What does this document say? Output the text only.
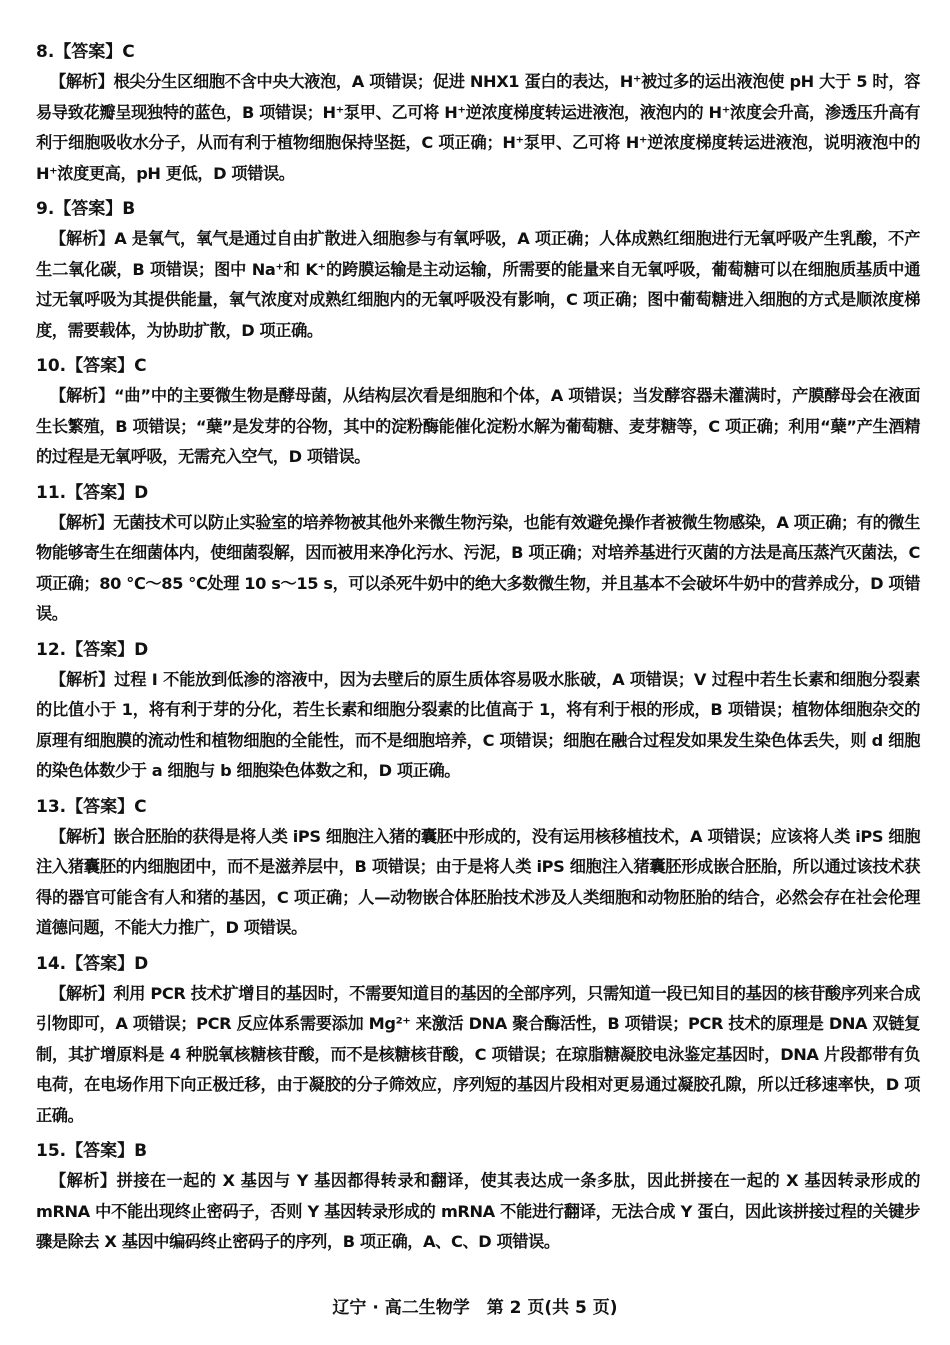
8.【答案】C

【解析】根尖分生区细胞不含中央大液泡，A 项错误；促进 NHX1 蛋白的表达，H⁺被过多的运出液泡使 pH 大于 5 时，容易导致花瓣呈现独特的蓝色，B 项错误；H⁺泵甲、乙可将 H⁺逆浓度梯度转运进液泡，液泡内的 H⁺浓度会升高，渗透压升高有利于细胞吸收水分子，从而有利于植物细胞保持坚挺，C 项正确；H⁺泵甲、乙可将 H⁺逆浓度梯度转运进液泡，说明液泡中的 H⁺浓度更高，pH 更低，D 项错误。

9.【答案】B

【解析】A 是氧气，氧气是通过自由扩散进入细胞参与有氧呼吸，A 项正确；人体成熟红细胞进行无氧呼吸产生乳酸，不产生二氧化碳，B 项错误；图中 Na⁺和 K⁺的跨膜运输是主动运输，所需要的能量来自无氧呼吸，葡萄糖可以在细胞质基质中通过无氧呼吸为其提供能量，氧气浓度对成熟红细胞内的无氧呼吸没有影响，C 项正确；图中葡萄糖进入细胞的方式是顺浓度梯度，需要载体，为协助扩散，D 项正确。

10.【答案】C

【解析】“曲”中的主要微生物是酵母菌，从结构层次看是细胞和个体，A 项错误；当发酵容器未灌满时，产膜酵母会在液面生长繁殖，B 项错误；“蘖”是发芽的谷物，其中的淀粉酶能催化淀粉水解为葡萄糖、麦芽糖等，C 项正确；利用“蘖”产生酒精的过程是无氧呼吸，无需充入空气，D 项错误。

11.【答案】D

【解析】无菌技术可以防止实验室的培养物被其他外来微生物污染，也能有效避免操作者被微生物感染，A 项正确；有的微生物能够寄生在细菌体内，使细菌裂解，因而被用来净化污水、污泥，B 项正确；对培养基进行灭菌的方法是高压蒸汽灭菌法，C 项正确；80 ℃～85 ℃处理 10 s～15 s，可以杀死牛奶中的绝大多数微生物，并且基本不会破坏牛奶中的营养成分，D 项错误。

12.【答案】D

【解析】过程 Ⅰ 不能放到低渗的溶液中，因为去壁后的原生质体容易吸水胀破，A 项错误；Ⅴ 过程中若生长素和细胞分裂素的比值小于 1，将有利于芽的分化，若生长素和细胞分裂素的比值高于 1，将有利于根的形成，B 项错误；植物体细胞杂交的原理有细胞膜的流动性和植物细胞的全能性，而不是细胞培养，C 项错误；细胞在融合过程发如果发生染色体丢失，则 d 细胞的染色体数少于 a 细胞与 b 细胞染色体数之和，D 项正确。

13.【答案】C

【解析】嵌合胚胎的获得是将人类 iPS 细胞注入猪的囊胚中形成的，没有运用核移植技术，A 项错误；应该将人类 iPS 细胞注入猪囊胚的内细胞团中，而不是滋养层中，B 项错误；由于是将人类 iPS 细胞注入猪囊胚形成嵌合胚胎，所以通过该技术获得的器官可能含有人和猪的基因，C 项正确；人—动物嵌合体胚胎技术涉及人类细胞和动物胚胎的结合，必然会存在社会伦理道德问题，不能大力推广，D 项错误。

14.【答案】D

【解析】利用 PCR 技术扩增目的基因时，不需要知道目的基因的全部序列，只需知道一段已知目的基因的核苷酸序列来合成引物即可，A 项错误；PCR 反应体系需要添加 Mg²⁺ 来激活 DNA 聚合酶活性，B 项错误；PCR 技术的原理是 DNA 双链复制，其扩增原料是 4 种脱氧核糖核苷酸，而不是核糖核苷酸，C 项错误；在琼脂糖凝胶电泳鉴定基因时，DNA 片段都带有负电荷，在电场作用下向正极迁移，由于凝胶的分子筛效应，序列短的基因片段相对更易通过凝胶孔隙，所以迁移速率快，D 项正确。

15.【答案】B

【解析】拼接在一起的 X 基因与 Y 基因都得转录和翻译，使其表达成一条多肽，因此拼接在一起的 X 基因转录形成的 mRNA 中不能出现终止密码子，否则 Y 基因转录形成的 mRNA 不能进行翻译，无法合成 Y 蛋白，因此该拼接过程的关键步骤是除去 X 基因中编码终止密码子的序列，B 项正确，A、C、D 项错误。

辽宁 · 高二生物学　第 2 页(共 5 页)
